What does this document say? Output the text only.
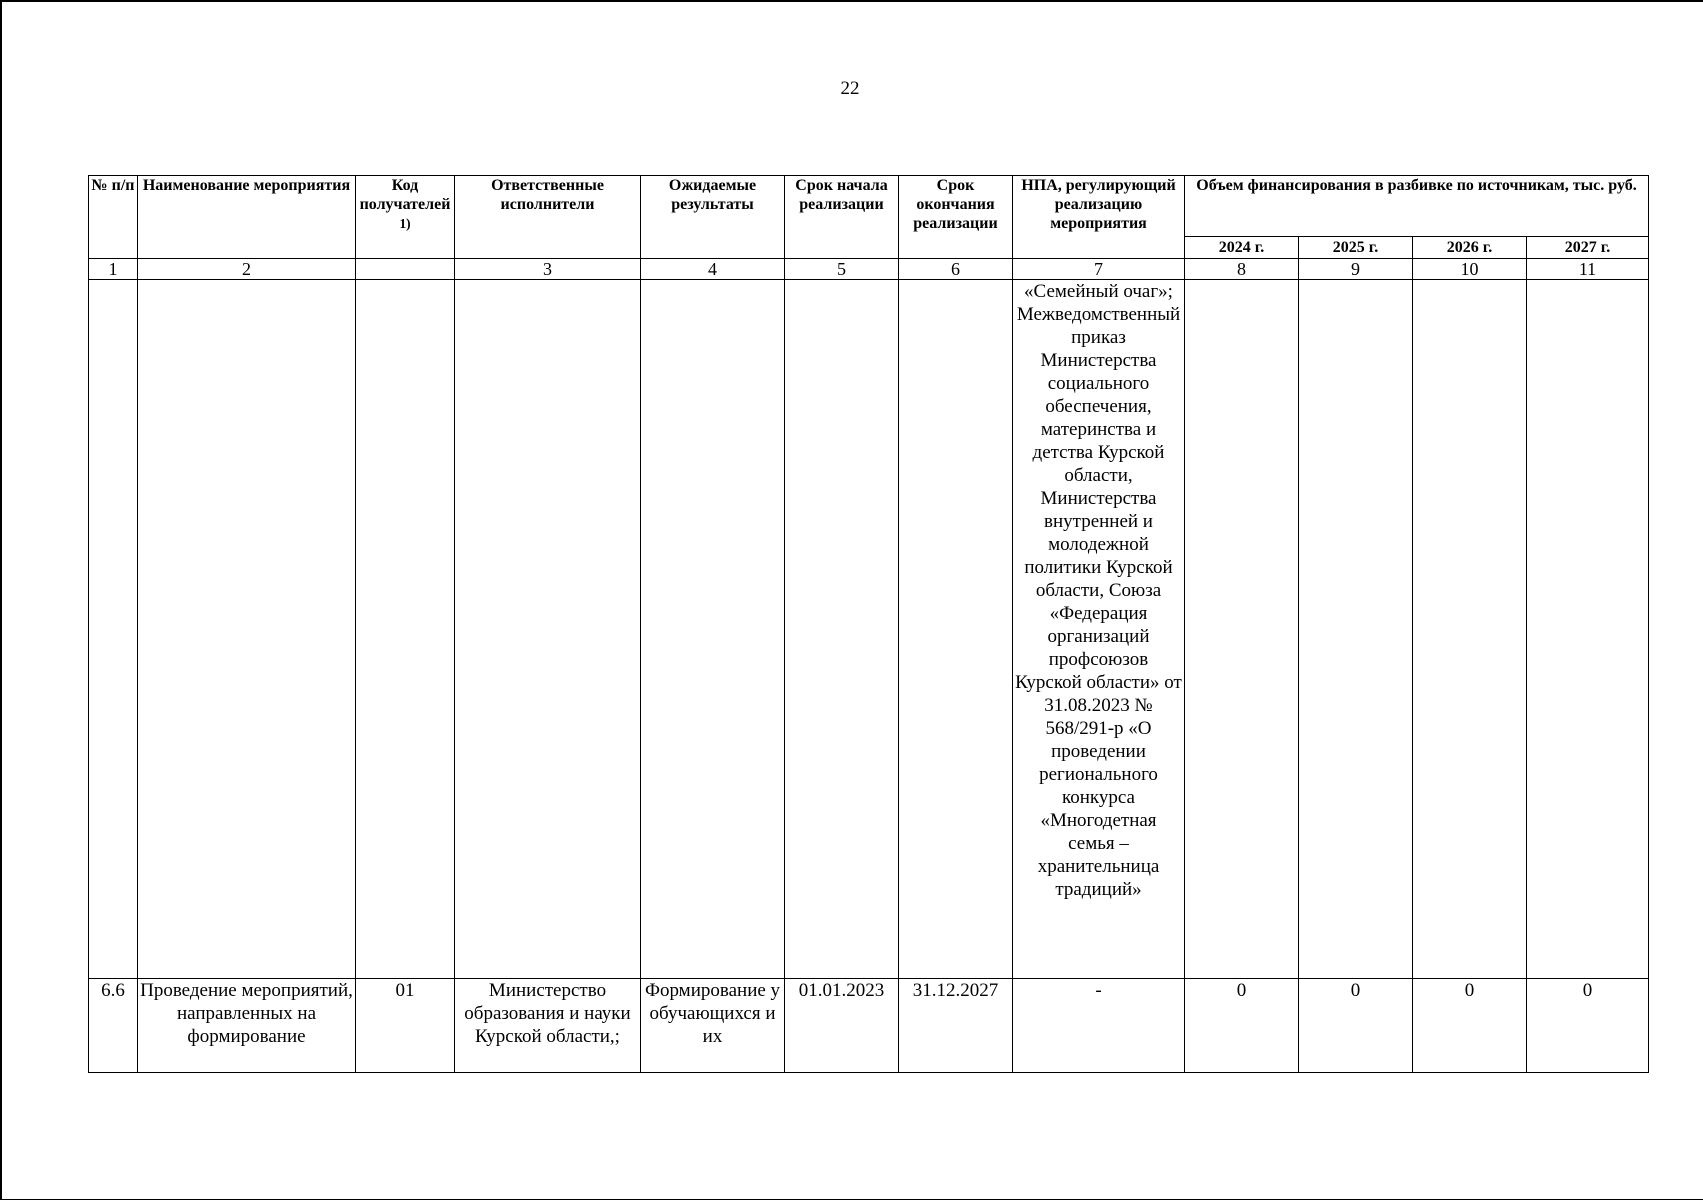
22
№ п/п	Наименование мероприятия	Код получателей$^{1)}$	Ответственные исполнители	Ожидаемые результаты	Срок начала реализации	Срок окончания реализации	НПА, регулирующий реализацию мероприятия	Объем финансирования в разбивке по источникам, тыс. руб.			
								2024 г.	2025 г.	2026 г.	2027 г.
1	2		3	4	5	6	7	8	9	10	11
							«Семейный очаг»; Межведомственный приказ Министерства социального обеспечения, материнства и детства Курской области, Министерства внутренней и молодежной политики Курской области, Союза «Федерация организаций профсоюзов Курской области» от 31.08.2023 № 568/291-р «О проведении регионального конкурса «Многодетная семья – хранительница традиций»				
6.6	Проведение мероприятий, направленных на формирование	01	Министерство образования и науки Курской области,;	Формирование у обучающихся и их	01.01.2023	31.12.2027	-	0	0	0	0
